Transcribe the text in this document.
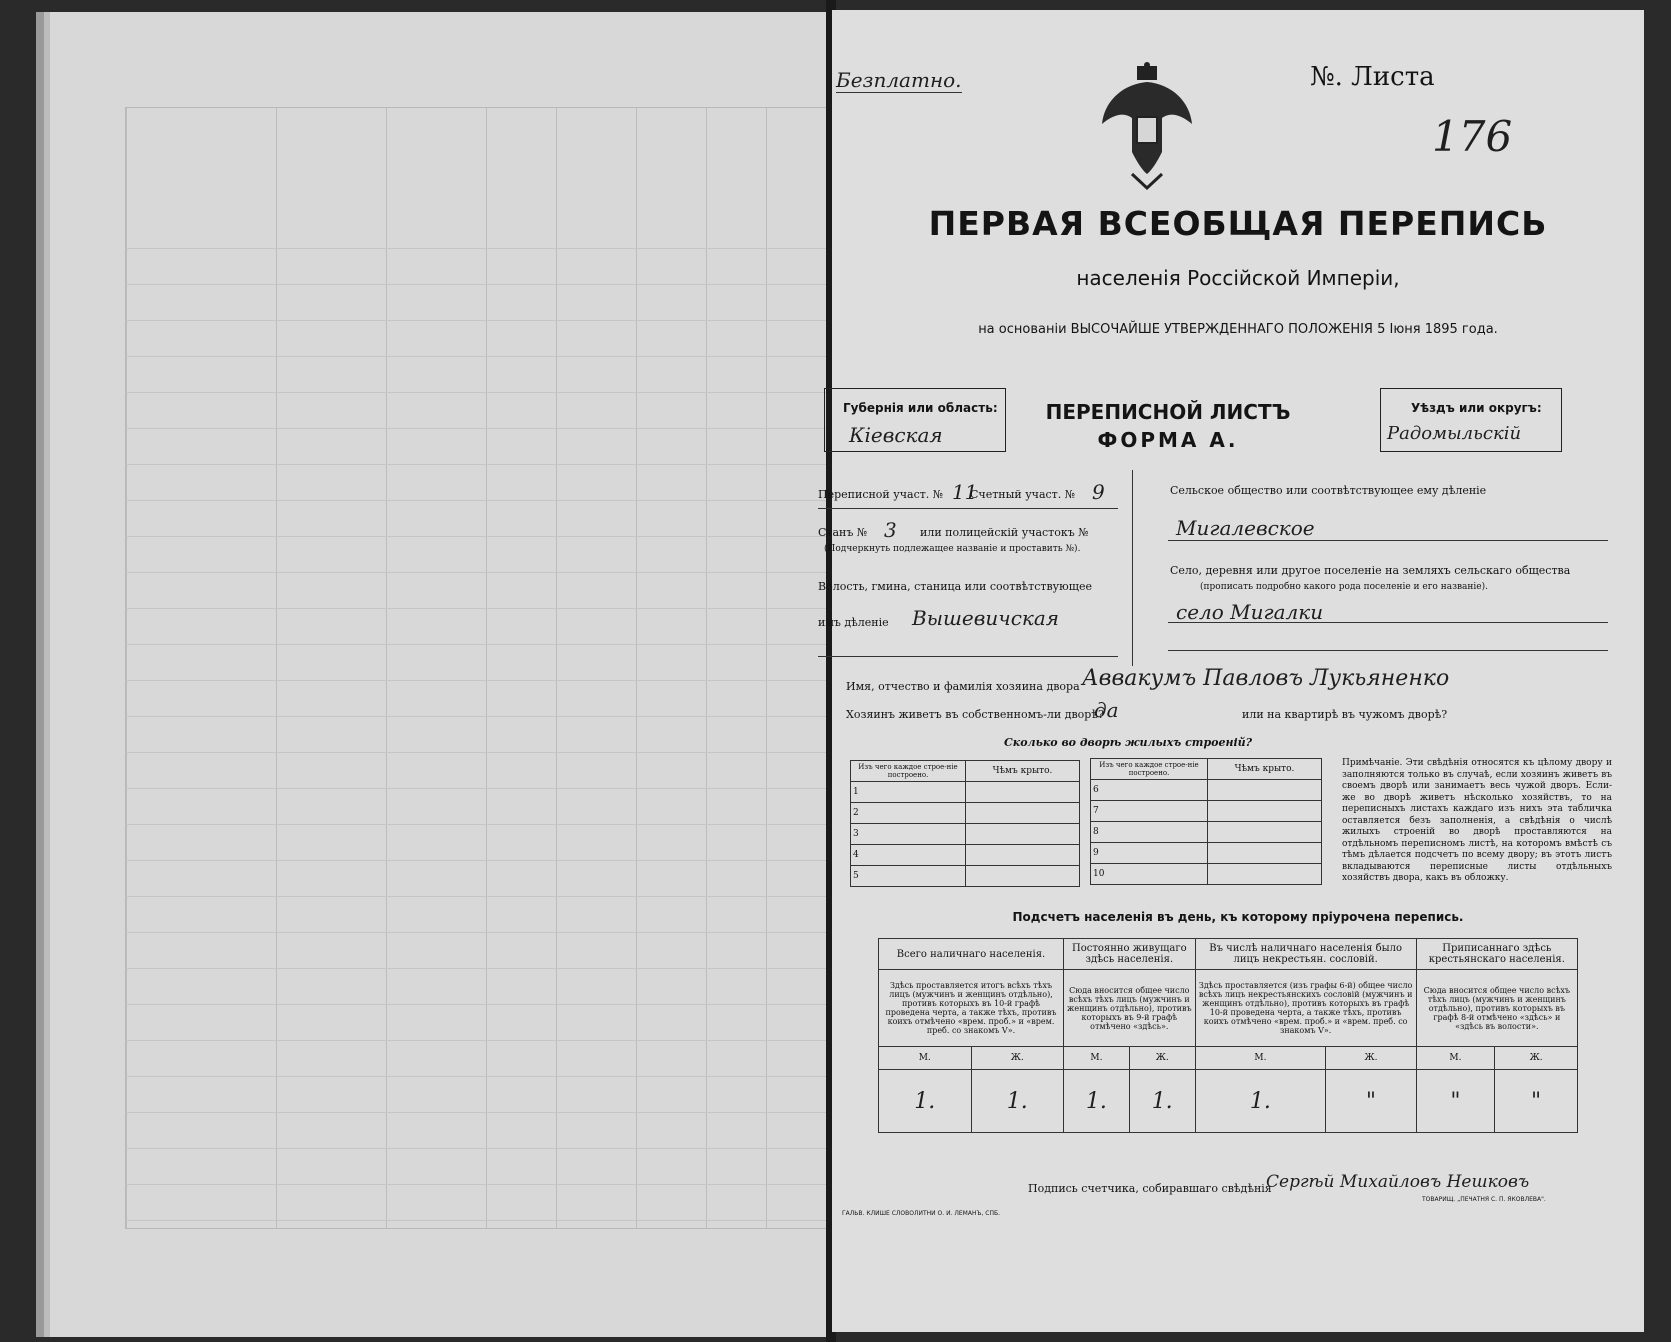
Безплатно.	№. Листа
176
ПЕРВАЯ ВСЕОБЩАЯ ПЕРЕПИСЬ
населенія Россійской Имперіи,
на основаніи ВЫСОЧАЙШЕ УТВЕРЖДЕННАГО ПОЛОЖЕНІЯ 5 Іюня 1895 года.
Губернія или область:
Кіевская
ПЕРЕПИСНОЙ ЛИСТЪ
ФОРМА А.
Уѣздъ или округъ:
Радомыльскій
Переписной участ. № 11
Счетный участ. № 9
Станъ № 3 или полицейскій участокъ №
(Подчеркнуть подлежащее названіе и проставить №).
Волость, гмина, станица или соотвѣтствующее
имъ дѣленіе Вышевичская
Сельское общество или соотвѣтствующее ему дѣленіе
Мигалевское
Село, деревня или другое поселеніе на земляхъ сельскаго общества
(прописать подробно какого рода поселеніе и его названіе).
село Мигалки
Имя, отчество и фамилія хозяина двора Аввакумъ Павловъ Лукьяненко
Хозяинъ живетъ въ собственномъ-ли дворѣ?
да	или на квартирѣ въ чужомъ дворѣ?
Сколько во дворѣ жилыхъ строеній?
Изъ чего каждое строе-ніе построено.	Чѣмъ крыто.
1	
2	
3	
4	
5	
Изъ чего каждое строе-ніе построено.	Чѣмъ крыто.
6	
7	
8	
9	
10	
Примѣчаніе. Эти свѣдѣнія относятся къ цѣлому двору и заполняются только въ случаѣ, если хозяинъ живетъ въ своемъ дворѣ или занимаетъ весь чужой дворъ. Если-же во дворѣ живетъ нѣсколько хозяйствъ, то на переписныхъ листахъ каждаго изъ нихъ эта табличка оставляется безъ заполненія, а свѣдѣнія о числѣ жилыхъ строеній во дворѣ проставляются на отдѣльномъ переписномъ листѣ, на которомъ вмѣстѣ съ тѣмъ дѣлается подсчетъ по всему двору; въ этотъ листъ вкладываются переписные листы отдѣльныхъ хозяйствъ двора, какъ въ обложку.
Подсчетъ населенія въ день, къ которому пріурочена перепись.
Всего наличнаго населенія.		Постоянно живущаго здѣсь населенія.		Въ числѣ наличнаго населенія было лицъ некрестьян. сословій.		Приписаннаго здѣсь крестьянскаго населенія.	
Здѣсь проставляется итогъ всѣхъ тѣхъ лицъ (мужчинъ и женщинъ отдѣльно), противъ которыхъ въ 10-й графѣ проведена черта, а также тѣхъ, противъ коихъ отмѣчено «врем. проб.» и «врем. преб. со знакомъ V».		Сюда вносится общее число всѣхъ тѣхъ лицъ (мужчинъ и женщинъ отдѣльно), противъ которыхъ въ 9-й графѣ отмѣчено «здѣсь».		Здѣсь проставляется (изъ графы 6-й) общее число всѣхъ лицъ некрестьянскихъ сословій (мужчинъ и женщинъ отдѣльно), противъ которыхъ въ графѣ 10-й проведена черта, а также тѣхъ, противъ коихъ отмѣчено «врем. проб.» и «врем. преб. со знакомъ V».		Сюда вносится общее число всѣхъ тѣхъ лицъ (мужчинъ и женщинъ отдѣльно), противъ которыхъ въ графѣ 8-й отмѣчено «здѣсь» и «здѣсь въ волости».	
М.	Ж.	М.	Ж.	М.	Ж.	М.	Ж.
1.	1.	1.	1.	1.	"	"	"
Подпись счетчика, собиравшаго свѣдѣнія
Сергѣй Михайловъ Нешковъ
ГАЛЬВ. КЛИШЕ СЛОВОЛИТНИ О. И. ЛЕМАНЪ, СПБ.
ТОВАРИЩ. „ПЕЧАТНЯ С. П. ЯКОВЛЕВА".
